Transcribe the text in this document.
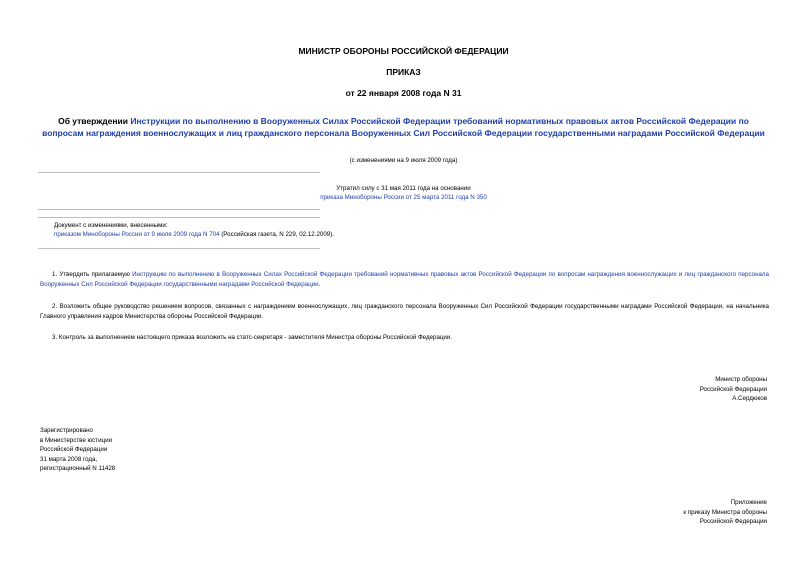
МИНИСТР ОБОРОНЫ РОССИЙСКОЙ ФЕДЕРАЦИИ
ПРИКАЗ
от 22 января 2008 года N 31
Об утверждении Инструкции по выполнению в Вооруженных Силах Российской Федерации требований нормативных правовых актов Российской Федерации по вопросам награждения военнослужащих и лиц гражданского персонала Вооруженных Сил Российской Федерации государственными наградами Российской Федерации
(с изменениями на 9 июля 2009 года)
Утратил силу с 31 мая 2011 года на основании
приказа Минобороны России от 25 марта 2011 года N 350
Документ с изменениями, внесенными:
приказом Минобороны России от 9 июля 2009 года N 704 (Российская газета, N 229, 02.12.2009).
1. Утвердить прилагаемую Инструкцию по выполнению в Вооруженных Силах Российской Федерации требований нормативных правовых актов Российской Федерации по вопросам награждения военнослужащих и лиц гражданского персонала Вооруженных Сил Российской Федерации государственными наградами Российской Федерации.
2. Возложить общее руководство решением вопросов, связанных с награждением военнослужащих, лиц гражданского персонала Вооруженных Сил Российской Федерации государственными наградами Российской Федерации, на начальника Главного управления кадров Министерства обороны Российской Федерации.
3. Контроль за выполнением настоящего приказа возложить на статс-секретаря - заместителя Министра обороны Российской Федерации.
Министр обороны
Российской Федерации
А.Сердюков
Зарегистрировано
в Министерстве юстиции
Российской Федерации
31 марта 2008 года,
регистрационный N 11428
Приложение
к приказу Министра обороны
Российской Федерации
